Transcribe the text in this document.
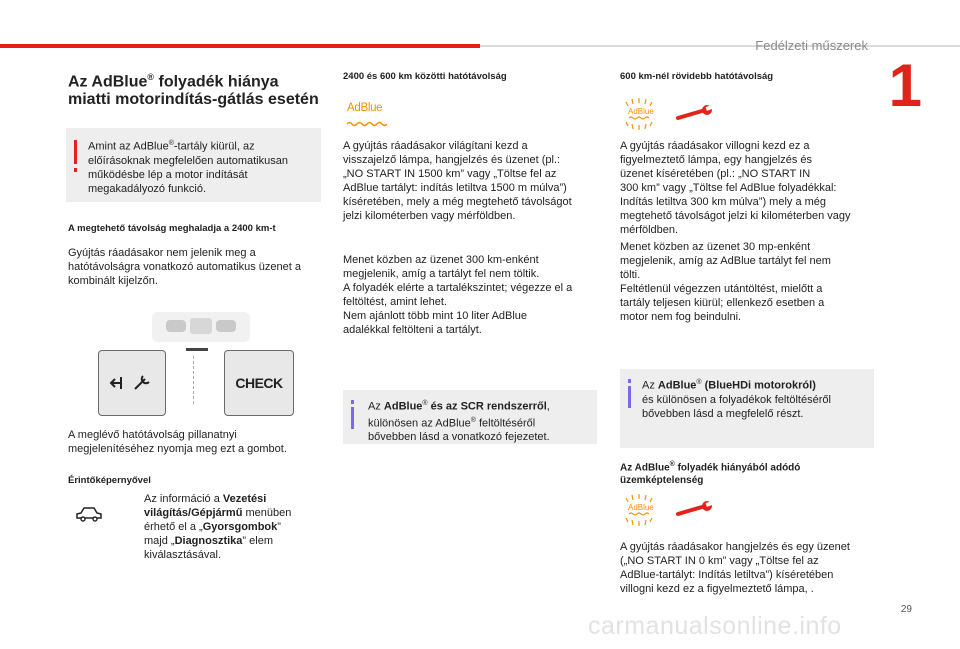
Fedélzeti műszerek
1
Az AdBlue® folyadék hiánya
miatti motorindítás-gátlás esetén
Amint az AdBlue®-tartály kiürül, az
előírásoknak megfelelően automatikusan
működésbe lép a motor indítását
megakadályozó funkció.
A megtehető távolság meghaladja a 2400 km-t
Gyújtás ráadásakor nem jelenik meg a
hatótávolságra vonatkozó automatikus üzenet a
kombinált kijelzőn.
CHECK
A meglévő hatótávolság pillanatnyi
megjelenítéséhez nyomja meg ezt a gombot.
Érintőképernyővel
Az információ a Vezetési
világítás/Gépjármű menüben
érhető el a „Gyorsgombok”
majd „Diagnosztika” elem
kiválasztásával.
2400 és 600 km közötti hatótávolság
AdBlue
A gyújtás ráadásakor világítani kezd a
visszajelző lámpa, hangjelzés és üzenet (pl.:
„NO START IN 1500 km” vagy „Töltse fel az
AdBlue tartályt: indítás letiltva 1500 m múlva”)
kíséretében, mely a még megtehető távolságot
jelzi kilométerben vagy mérföldben.
Menet közben az üzenet 300 km-enként
megjelenik, amíg a tartályt fel nem töltik.
A folyadék elérte a tartalékszintet; végezze el a
feltöltést, amint lehet.
Nem ajánlott több mint 10 liter AdBlue
adalékkal feltölteni a tartályt.
Az AdBlue® és az SCR rendszerről,
különösen az AdBlue® feltöltéséről
bővebben lásd a vonatkozó fejezetet.
600 km-nél rövidebb hatótávolság
AdBlue
A gyújtás ráadásakor villogni kezd ez a
figyelmeztető lámpa, egy hangjelzés és
üzenet kíséretében (pl.: „NO START IN
300 km” vagy „Töltse fel AdBlue folyadékkal:
Indítás letiltva 300 km múlva”) mely a még
megtehető távolságot jelzi ki kilométerben vagy
mérföldben.
Menet közben az üzenet 30 mp-enként
megjelenik, amíg az AdBlue tartályt fel nem
tölti.
Feltétlenül végezzen utántöltést, mielőtt a
tartály teljesen kiürül; ellenkező esetben a
motor nem fog beindulni.
Az AdBlue® (BlueHDi motorokról)
és különösen a folyadékok feltöltéséről
bővebben lásd a megfelelő részt.
Az AdBlue® folyadék hiányából adódó
üzemképtelenség
AdBlue
A gyújtás ráadásakor hangjelzés és egy üzenet
(„NO START IN 0 km” vagy „Töltse fel az
AdBlue-tartályt: Indítás letiltva”) kíséretében
villogni kezd ez a figyelmeztető lámpa, .
29
carmanualsonline.info
